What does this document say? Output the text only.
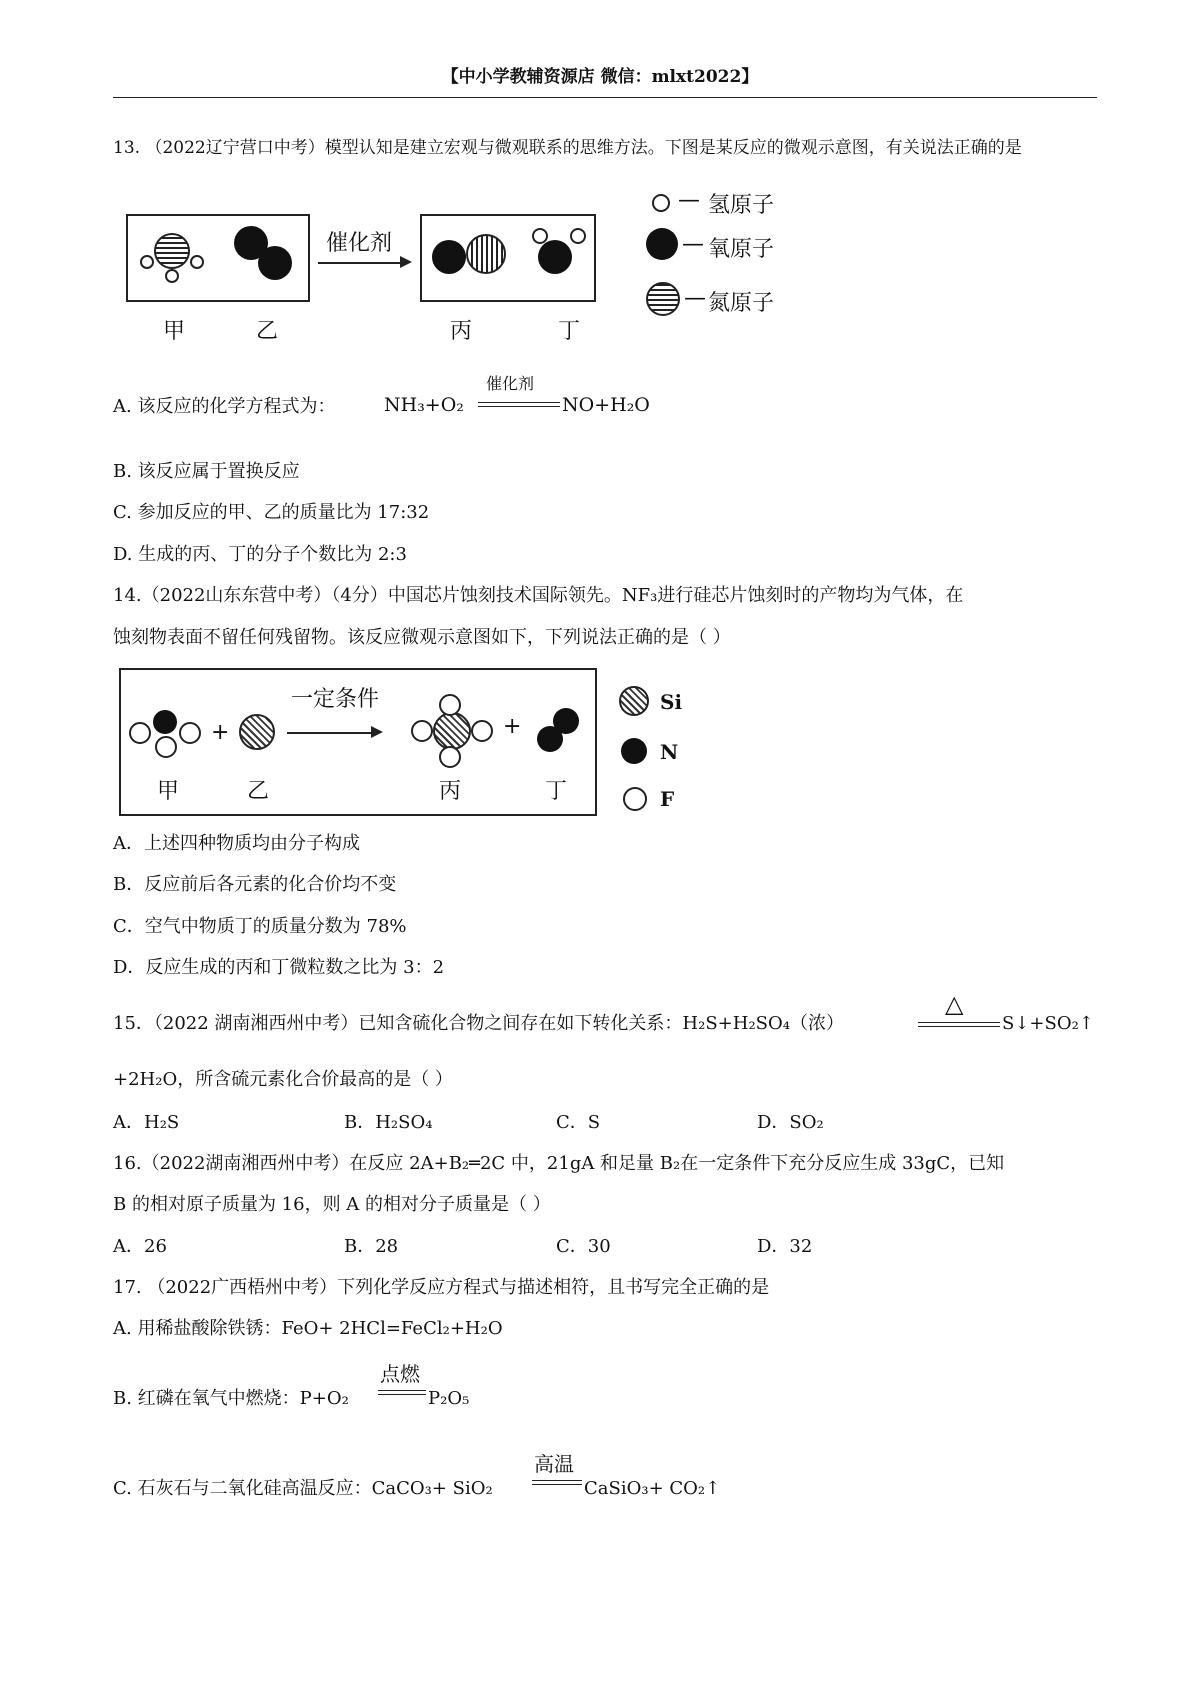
【中小学教辅资源店 微信：mlxt2022】
13. （2022辽宁营口中考）模型认知是建立宏观与微观联系的思维方法。下图是某反应的微观示意图，有关说法正确的是
催化剂
甲	乙	丙	丁
— 氢原子
— 氧原子
— 氮原子
A. 该反应的化学方程式为：	NH₃+O₂
催化剂
NO+H₂O
B. 该反应属于置换反应
C. 参加反应的甲、乙的质量比为 17:32
D. 生成的丙、丁的分子个数比为 2:3
14.（2022山东东营中考）（4分）中国芯片蚀刻技术国际领先。NF₃进行硅芯片蚀刻时的产物均为气体，在
蚀刻物表面不留任何残留物。该反应微观示意图如下，下列说法正确的是（ ）
+
一定条件
+
甲	乙	丙	丁
Si
N
F
A．上述四种物质均由分子构成
B．反应前后各元素的化合价均不变
C．空气中物质丁的质量分数为 78%
D．反应生成的丙和丁微粒数之比为 3：2
15．（2022 湖南湘西州中考）已知含硫化合物之间存在如下转化关系：H₂S+H₂SO₄（浓）
△
S↓+SO₂↑
+2H₂O，所含硫元素化合价最高的是（ ）
A．H₂S	B．H₂SO₄	C．S	D．SO₂
16.（2022湖南湘西州中考）在反应 2A+B₂═2C 中，21gA 和足量 B₂在一定条件下充分反应生成 33gC，已知
B 的相对原子质量为 16，则 A 的相对分子质量是（ ）
A．26	B．28	C．30	D．32
17. （2022广西梧州中考）下列化学反应方程式与描述相符，且书写完全正确的是
A. 用稀盐酸除铁锈：FeO+ 2HCl=FeCl₂+H₂O
B. 红磷在氧气中燃烧：P+O₂
点燃
P₂O₅
C. 石灰石与二氧化硅高温反应：CaCO₃+ SiO₂
高温
CaSiO₃+ CO₂↑
